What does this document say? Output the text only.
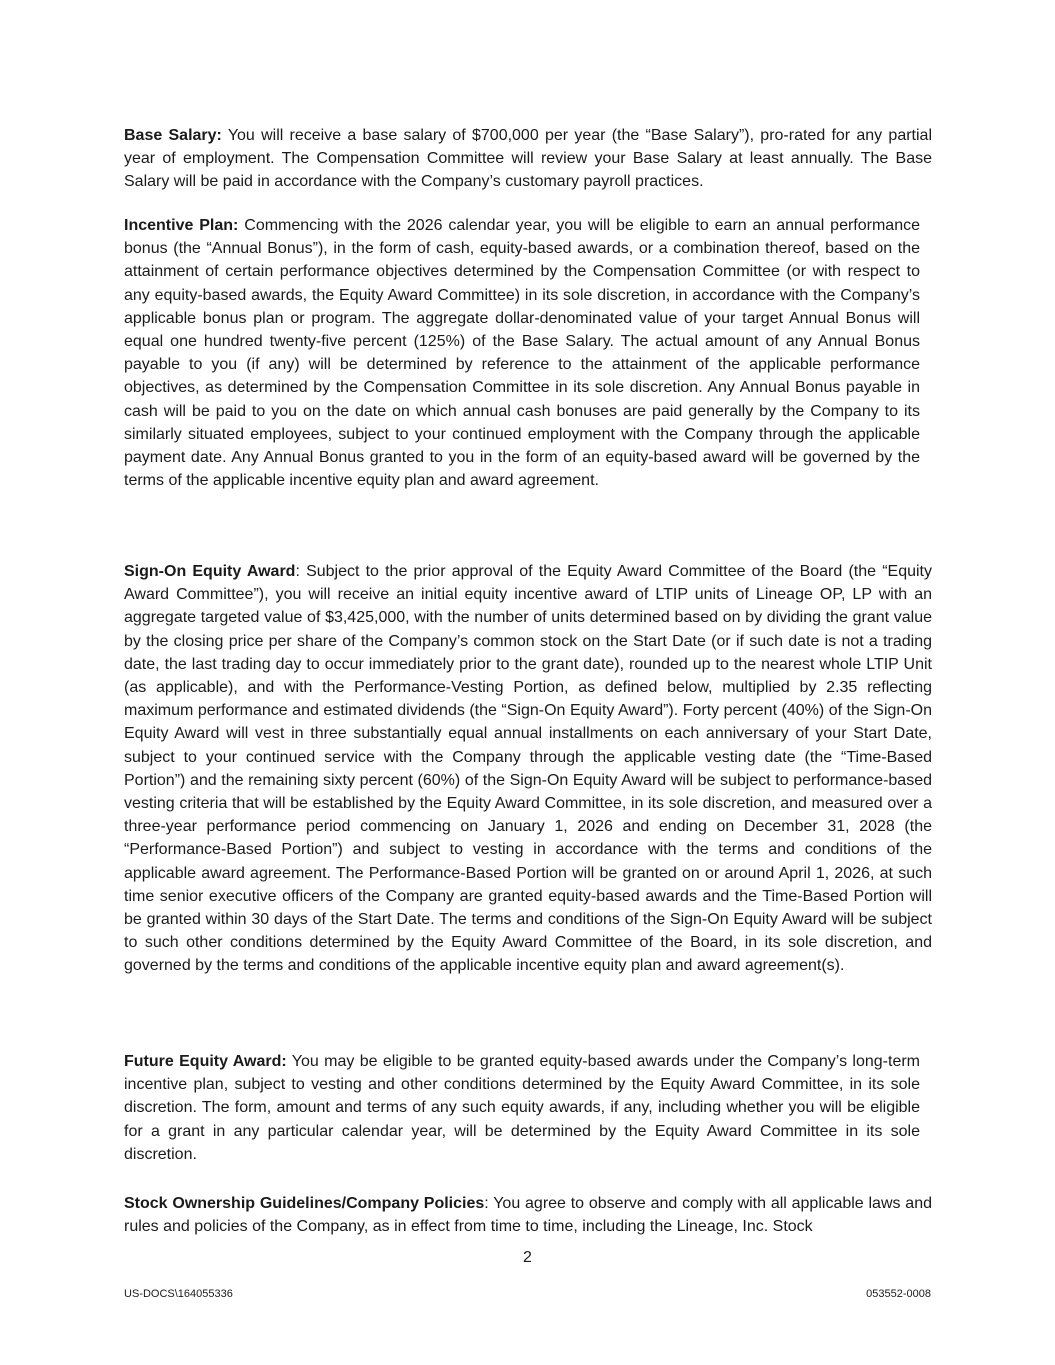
Base Salary: You will receive a base salary of $700,000 per year (the “Base Salary”), pro-rated for any partial year of employment. The Compensation Committee will review your Base Salary at least annually. The Base Salary will be paid in accordance with the Company’s customary payroll practices.

Incentive Plan: Commencing with the 2026 calendar year, you will be eligible to earn an annual performance bonus (the “Annual Bonus”), in the form of cash, equity-based awards, or a combination thereof, based on the attainment of certain performance objectives determined by the Compensation Committee (or with respect to any equity-based awards, the Equity Award Committee) in its sole discretion, in accordance with the Company’s applicable bonus plan or program. The aggregate dollar-denominated value of your target Annual Bonus will equal one hundred twenty-five percent (125%) of the Base Salary. The actual amount of any Annual Bonus payable to you (if any) will be determined by reference to the attainment of the applicable performance objectives, as determined by the Compensation Committee in its sole discretion. Any Annual Bonus payable in cash will be paid to you on the date on which annual cash bonuses are paid generally by the Company to its similarly situated employees, subject to your continued employment with the Company through the applicable payment date. Any Annual Bonus granted to you in the form of an equity-based award will be governed by the terms of the applicable incentive equity plan and award agreement.

Sign-On Equity Award: Subject to the prior approval of the Equity Award Committee of the Board (the “Equity Award Committee”), you will receive an initial equity incentive award of LTIP units of Lineage OP, LP with an aggregate targeted value of $3,425,000, with the number of units determined based on by dividing the grant value by the closing price per share of the Company’s common stock on the Start Date (or if such date is not a trading date, the last trading day to occur immediately prior to the grant date), rounded up to the nearest whole LTIP Unit (as applicable), and with the Performance-Vesting Portion, as defined below, multiplied by 2.35 reflecting maximum performance and estimated dividends (the “Sign-On Equity Award”). Forty percent (40%) of the Sign-On Equity Award will vest in three substantially equal annual installments on each anniversary of your Start Date, subject to your continued service with the Company through the applicable vesting date (the “Time-Based Portion”) and the remaining sixty percent (60%) of the Sign-On Equity Award will be subject to performance-based vesting criteria that will be established by the Equity Award Committee, in its sole discretion, and measured over a three-year performance period commencing on January 1, 2026 and ending on December 31, 2028 (the “Performance-Based Portion”) and subject to vesting in accordance with the terms and conditions of the applicable award agreement. The Performance-Based Portion will be granted on or around April 1, 2026, at such time senior executive officers of the Company are granted equity-based awards and the Time-Based Portion will be granted within 30 days of the Start Date. The terms and conditions of the Sign-On Equity Award will be subject to such other conditions determined by the Equity Award Committee of the Board, in its sole discretion, and governed by the terms and conditions of the applicable incentive equity plan and award agreement(s).

Future Equity Award: You may be eligible to be granted equity-based awards under the Company’s long-term incentive plan, subject to vesting and other conditions determined by the Equity Award Committee, in its sole discretion. The form, amount and terms of any such equity awards, if any, including whether you will be eligible for a grant in any particular calendar year, will be determined by the Equity Award Committee in its sole discretion.

Stock Ownership Guidelines/Company Policies: You agree to observe and comply with all applicable laws and rules and policies of the Company, as in effect from time to time, including the Lineage, Inc. Stock

2
US-DOCS\164055336	053552-0008
